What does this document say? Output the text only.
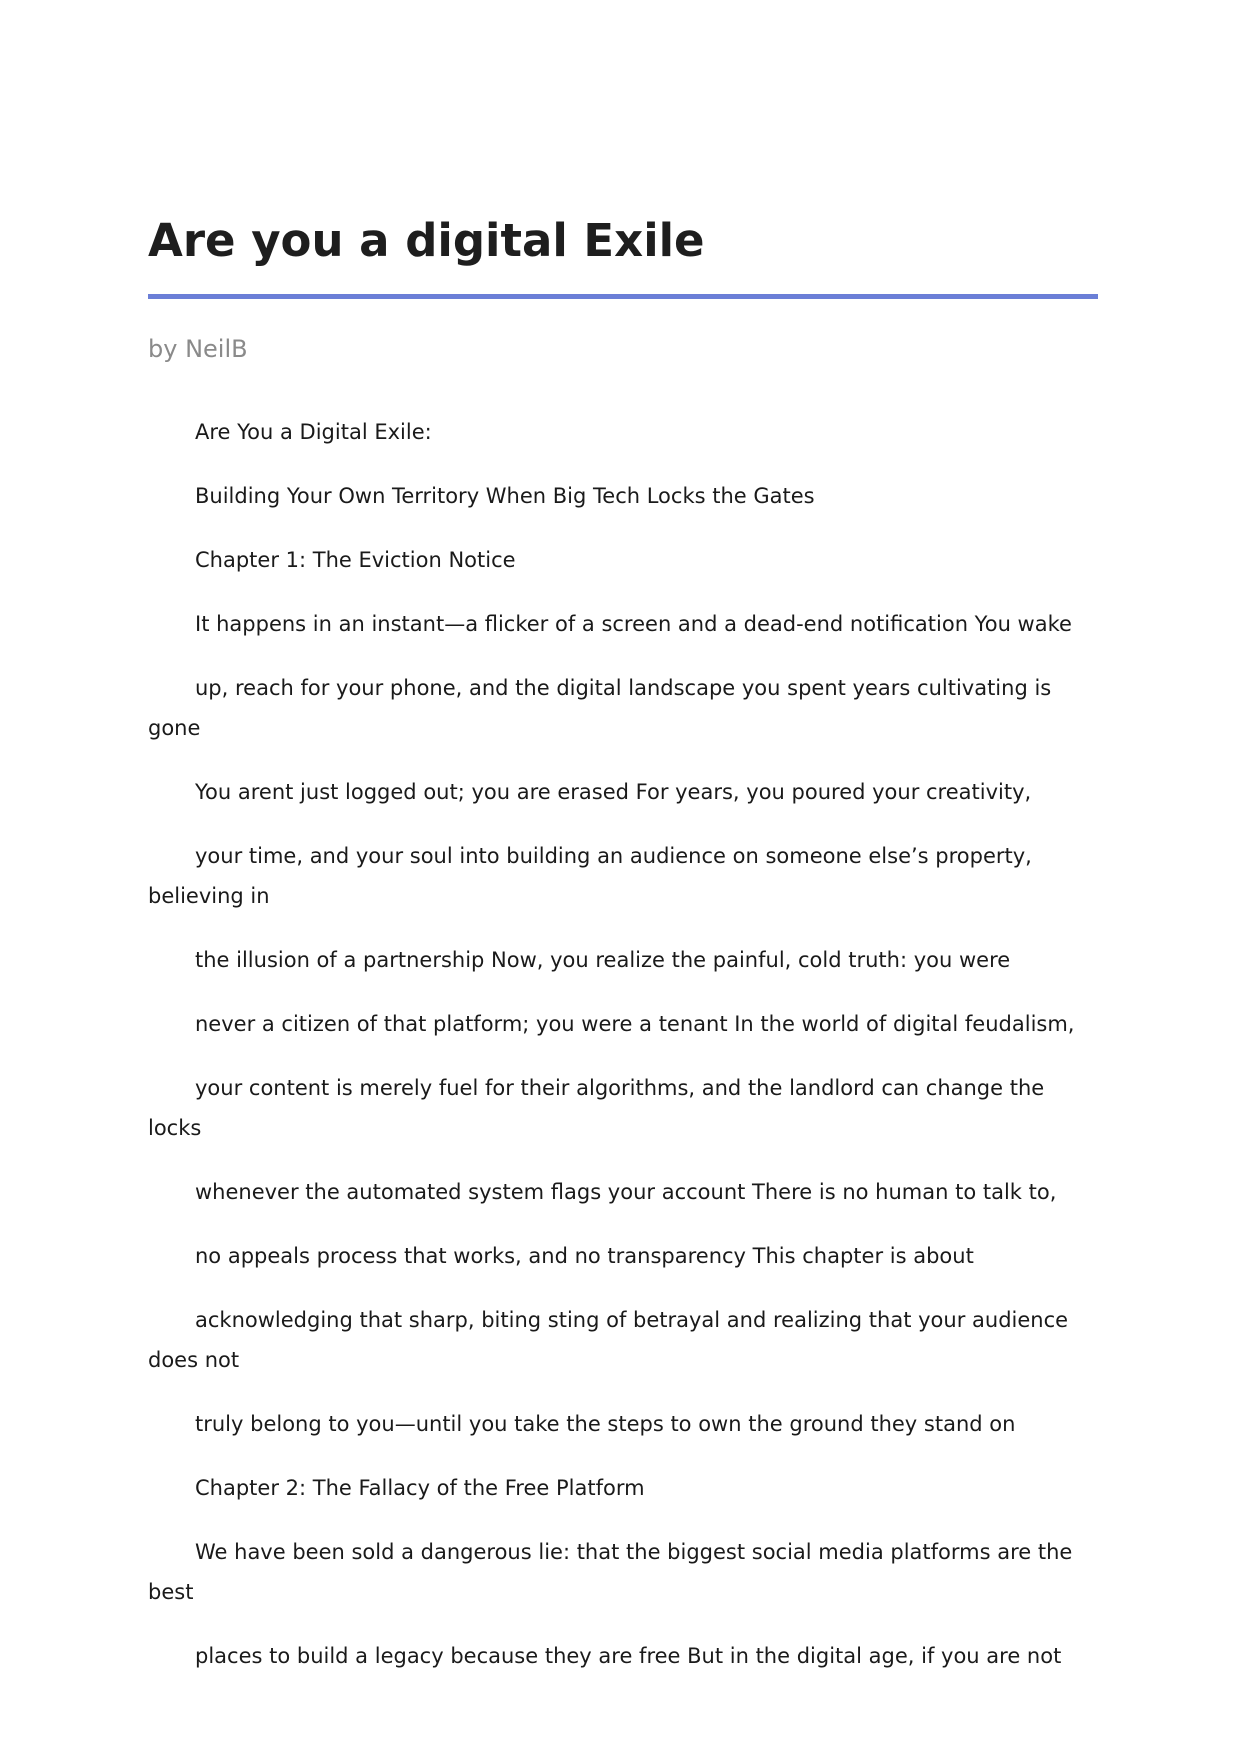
Are you a digital Exile
by NeilB

Are You a Digital Exile:

Building Your Own Territory When Big Tech Locks the Gates

Chapter 1: The Eviction Notice

It happens in an instant—a flicker of a screen and a dead-end notification You wake

up, reach for your phone, and the digital landscape you spent years cultivating is gone

You arent just logged out; you are erased For years, you poured your creativity,

your time, and your soul into building an audience on someone else’s property, believing in

the illusion of a partnership Now, you realize the painful, cold truth: you were

never a citizen of that platform; you were a tenant In the world of digital feudalism,

your content is merely fuel for their algorithms, and the landlord can change the locks

whenever the automated system flags your account There is no human to talk to,

no appeals process that works, and no transparency This chapter is about

acknowledging that sharp, biting sting of betrayal and realizing that your audience does not

truly belong to you—until you take the steps to own the ground they stand on

Chapter 2: The Fallacy of the Free Platform

We have been sold a dangerous lie: that the biggest social media platforms are the best

places to build a legacy because they are free But in the digital age, if you are not
